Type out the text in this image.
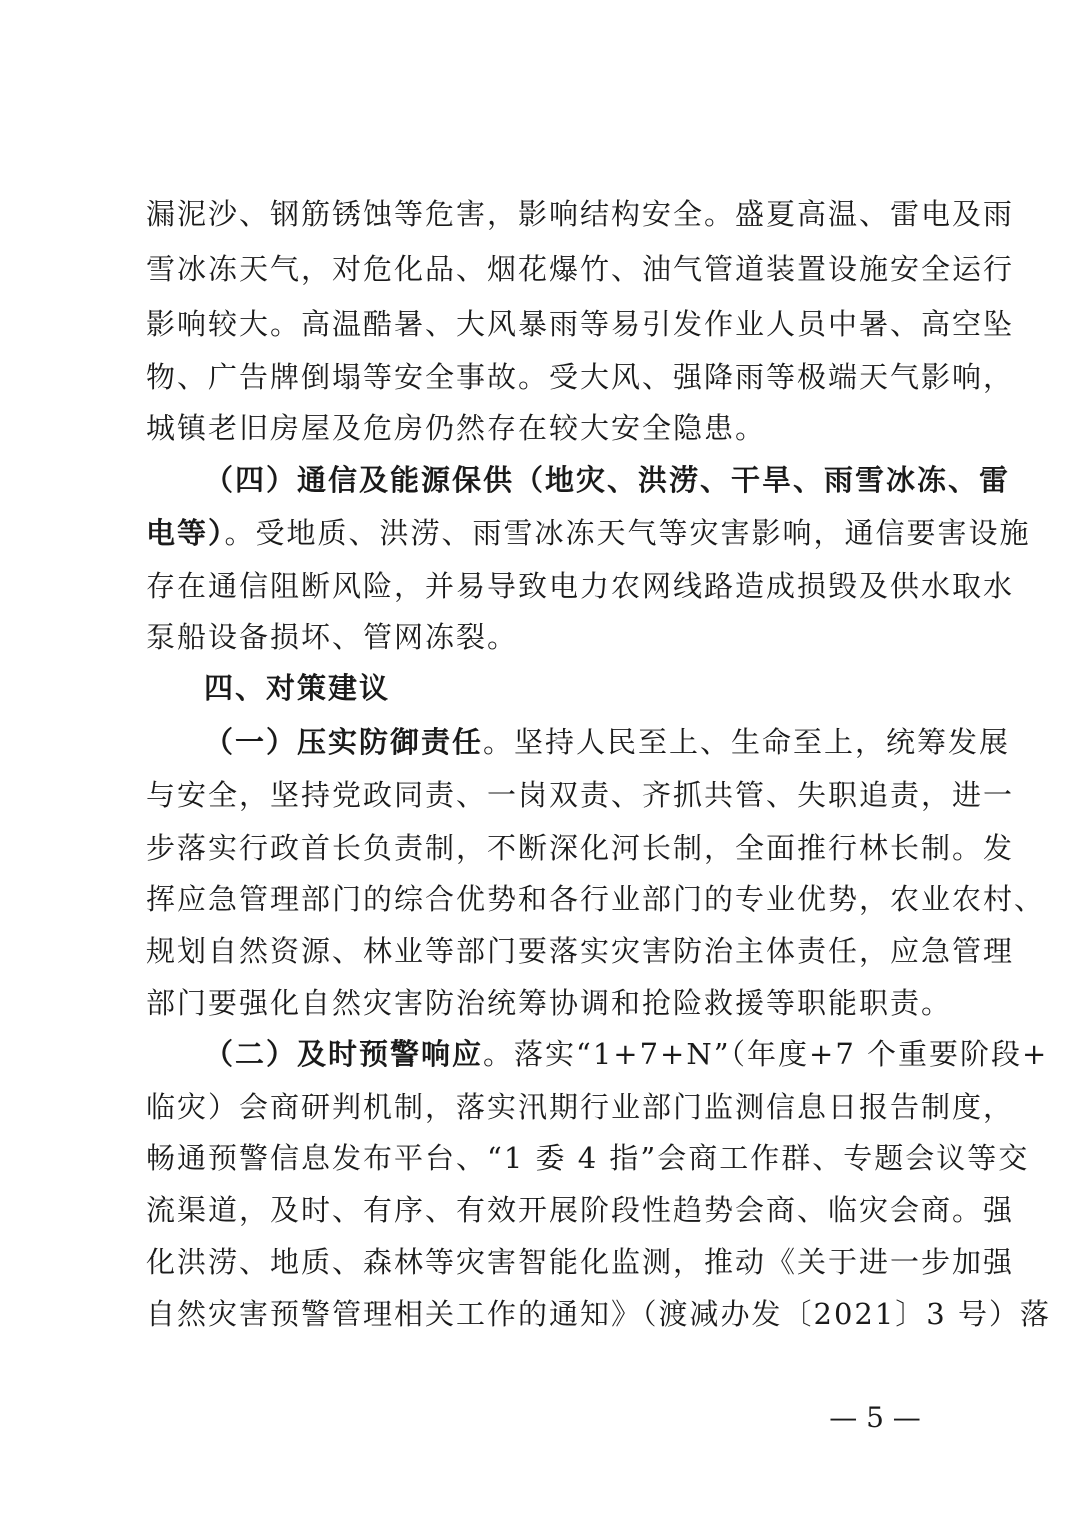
漏泥沙、钢筋锈蚀等危害，影响结构安全。盛夏高温、雷电及雨
雪冰冻天气，对危化品、烟花爆竹、油气管道装置设施安全运行
影响较大。高温酷暑、大风暴雨等易引发作业人员中暑、高空坠
物、广告牌倒塌等安全事故。受大风、强降雨等极端天气影响，
城镇老旧房屋及危房仍然存在较大安全隐患。
（四）通信及能源保供（地灾、洪涝、干旱、雨雪冰冻、雷
电等）。受地质、洪涝、雨雪冰冻天气等灾害影响，通信要害设施
存在通信阻断风险，并易导致电力农网线路造成损毁及供水取水
泵船设备损坏、管网冻裂。
四、对策建议
（一）压实防御责任。坚持人民至上、生命至上，统筹发展
与安全，坚持党政同责、一岗双责、齐抓共管、失职追责，进一
步落实行政首长负责制，不断深化河长制，全面推行林长制。发
挥应急管理部门的综合优势和各行业部门的专业优势，农业农村、
规划自然资源、林业等部门要落实灾害防治主体责任，应急管理
部门要强化自然灾害防治统筹协调和抢险救援等职能职责。
（二）及时预警响应。落实“1+7+N”（年度+7 个重要阶段+
临灾）会商研判机制，落实汛期行业部门监测信息日报告制度，
畅通预警信息发布平台、“1 委 4 指”会商工作群、专题会议等交
流渠道，及时、有序、有效开展阶段性趋势会商、临灾会商。强
化洪涝、地质、森林等灾害智能化监测，推动《关于进一步加强
自然灾害预警管理相关工作的通知》（渡减办发〔2021〕3 号）落
— 5 —
